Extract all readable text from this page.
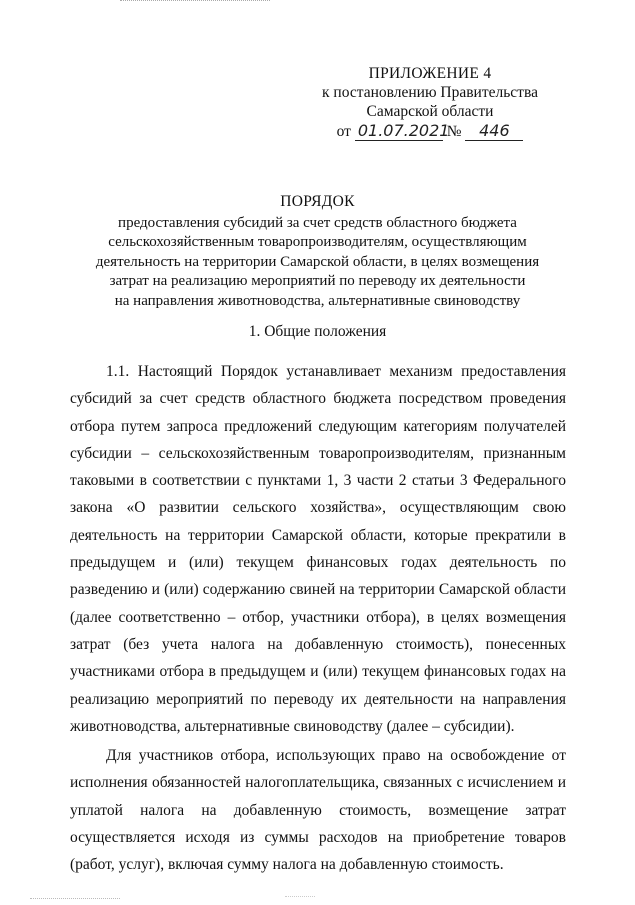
ПРИЛОЖЕНИЕ 4
к постановлению Правительства
Самарской области
от 01.07.2021 № 446
ПОРЯДОК
предоставления субсидий за счет средств областного бюджета
сельскохозяйственным товаропроизводителям, осуществляющим
деятельность на территории Самарской области, в целях возмещения
затрат на реализацию мероприятий по переводу их деятельности
на направления животноводства, альтернативные свиноводству
1. Общие положения

1.1. Настоящий Порядок устанавливает механизм предоставления субсидий за счет средств областного бюджета посредством проведения отбора путем запроса предложений следующим категориям получателей субсидии – сельскохозяйственным товаропроизводителям, признанным таковыми в соответствии с пунктами 1, 3 части 2 статьи 3 Федерального закона «О развитии сельского хозяйства», осуществляющим свою деятельность на территории Самарской области, которые прекратили в предыдущем и (или) текущем финансовых годах деятельность по разведению и (или) содержанию свиней на территории Самарской области (далее соответственно – отбор, участники отбора), в целях возмещения затрат (без учета налога на добавленную стоимость), понесенных участниками отбора в предыдущем и (или) текущем финансовых годах на реализацию мероприятий по переводу их деятельности на направления животноводства, альтернативные свиноводству (далее – субсидии).

Для участников отбора, использующих право на освобождение от исполнения обязанностей налогоплательщика, связанных с исчислением и уплатой налога на добавленную стоимость, возмещение затрат осуществляется исходя из суммы расходов на приобретение товаров (работ, услуг), включая сумму налога на добавленную стоимость.
